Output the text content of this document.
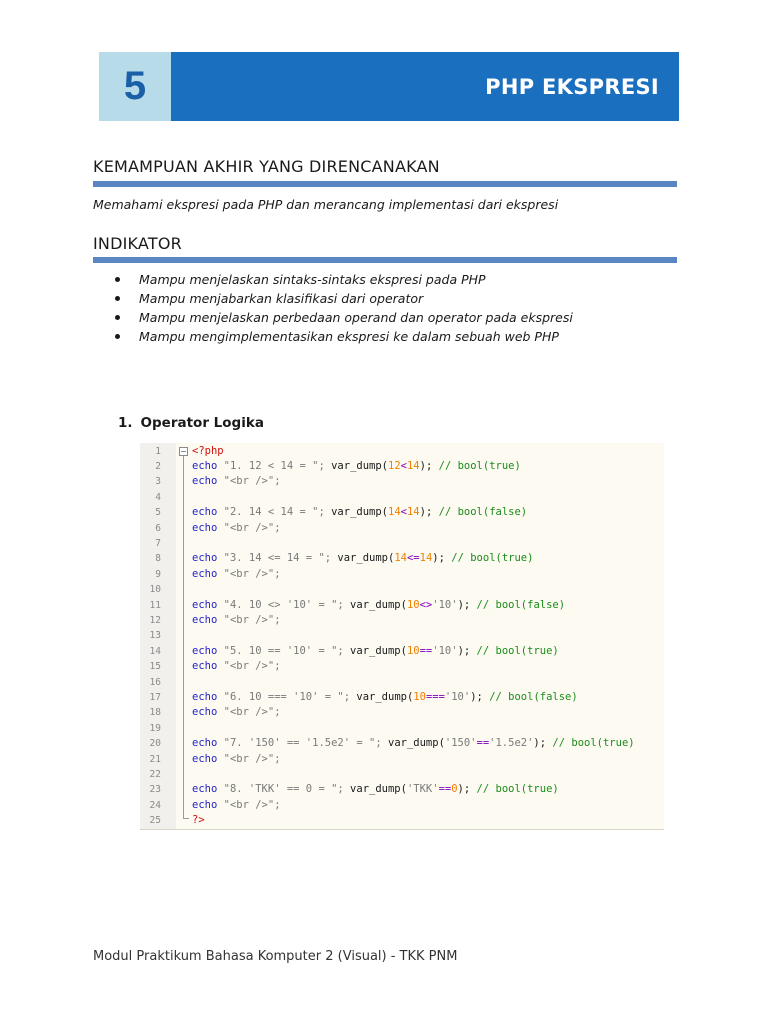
5	PHP EKSPRESI
KEMAMPUAN AKHIR YANG DIRENCANAKAN
Memahami ekspresi pada PHP dan merancang implementasi dari ekspresi
INDIKATOR
Mampu menjelaskan sintaks-sintaks ekspresi pada PHP
Mampu menjabarkan klasifikasi dari operator
Mampu menjelaskan perbedaan operand dan operator pada ekspresi
Mampu mengimplementasikan ekspresi ke dalam sebuah web PHP
1. Operator Logika
−
1	<?php
2	echo "1. 12 < 14 = "; var_dump(12<14); // bool(true)
3	echo "<br />";
4
5	echo "2. 14 < 14 = "; var_dump(14<14); // bool(false)
6	echo "<br />";
7
8	echo "3. 14 <= 14 = "; var_dump(14<=14); // bool(true)
9	echo "<br />";
10
11	echo "4. 10 <> '10' = "; var_dump(10<>'10'); // bool(false)
12	echo "<br />";
13
14	echo "5. 10 == '10' = "; var_dump(10=='10'); // bool(true)
15	echo "<br />";
16
17	echo "6. 10 === '10' = "; var_dump(10==='10'); // bool(false)
18	echo "<br />";
19
20	echo "7. '150' == '1.5e2' = "; var_dump('150'=='1.5e2'); // bool(true)
21	echo "<br />";
22
23	echo "8. 'TKK' == 0 = "; var_dump('TKK'==0); // bool(true)
24	echo "<br />";
25	?>
Modul Praktikum Bahasa Komputer 2 (Visual) - TKK PNM
